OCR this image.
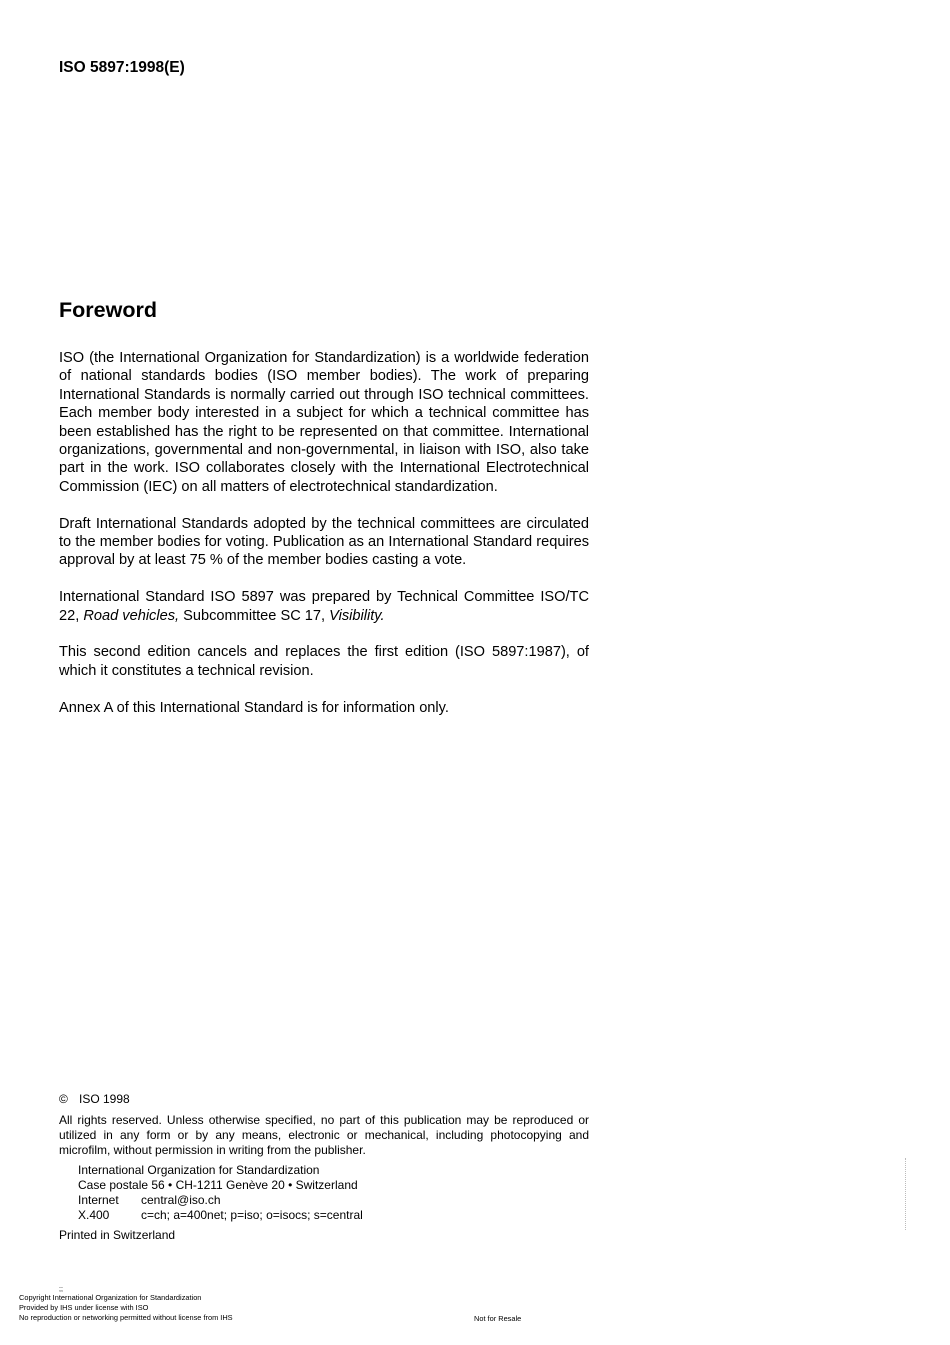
ISO 5897:1998(E)
Foreword

ISO (the International Organization for Standardization) is a worldwide federation of national standards bodies (ISO member bodies). The work of preparing International Standards is normally carried out through ISO technical committees. Each member body interested in a subject for which a technical committee has been established has the right to be represented on that committee. International organizations, governmental and non-governmental, in liaison with ISO, also take part in the work. ISO collaborates closely with the International Electrotechnical Commission (IEC) on all matters of electrotechnical standardization.

Draft International Standards adopted by the technical committees are circulated to the member bodies for voting. Publication as an International Standard requires approval by at least 75 % of the member bodies casting a vote.

International Standard ISO 5897 was prepared by Technical Committee ISO/TC 22, Road vehicles, Subcommittee SC 17, Visibility.

This second edition cancels and replaces the first edition (ISO 5897:1987), of which it constitutes a technical revision.

Annex A of this International Standard is for information only.

© ISO 1998

All rights reserved. Unless otherwise specified, no part of this publication may be reproduced or utilized in any form or by any means, electronic or mechanical, including photocopying and microfilm, without permission in writing from the publisher.

International Organization for Standardization
Case postale 56 • CH-1211 Genève 20 • Switzerland
Internet central@iso.ch
X.400	c=ch; a=400net; p=iso; o=isocs; s=central

Printed in Switzerland

;;
Copyright International Organization for Standardization
Provided by IHS under license with ISO
No reproduction or networking permitted without license from IHS	Not for Resale
